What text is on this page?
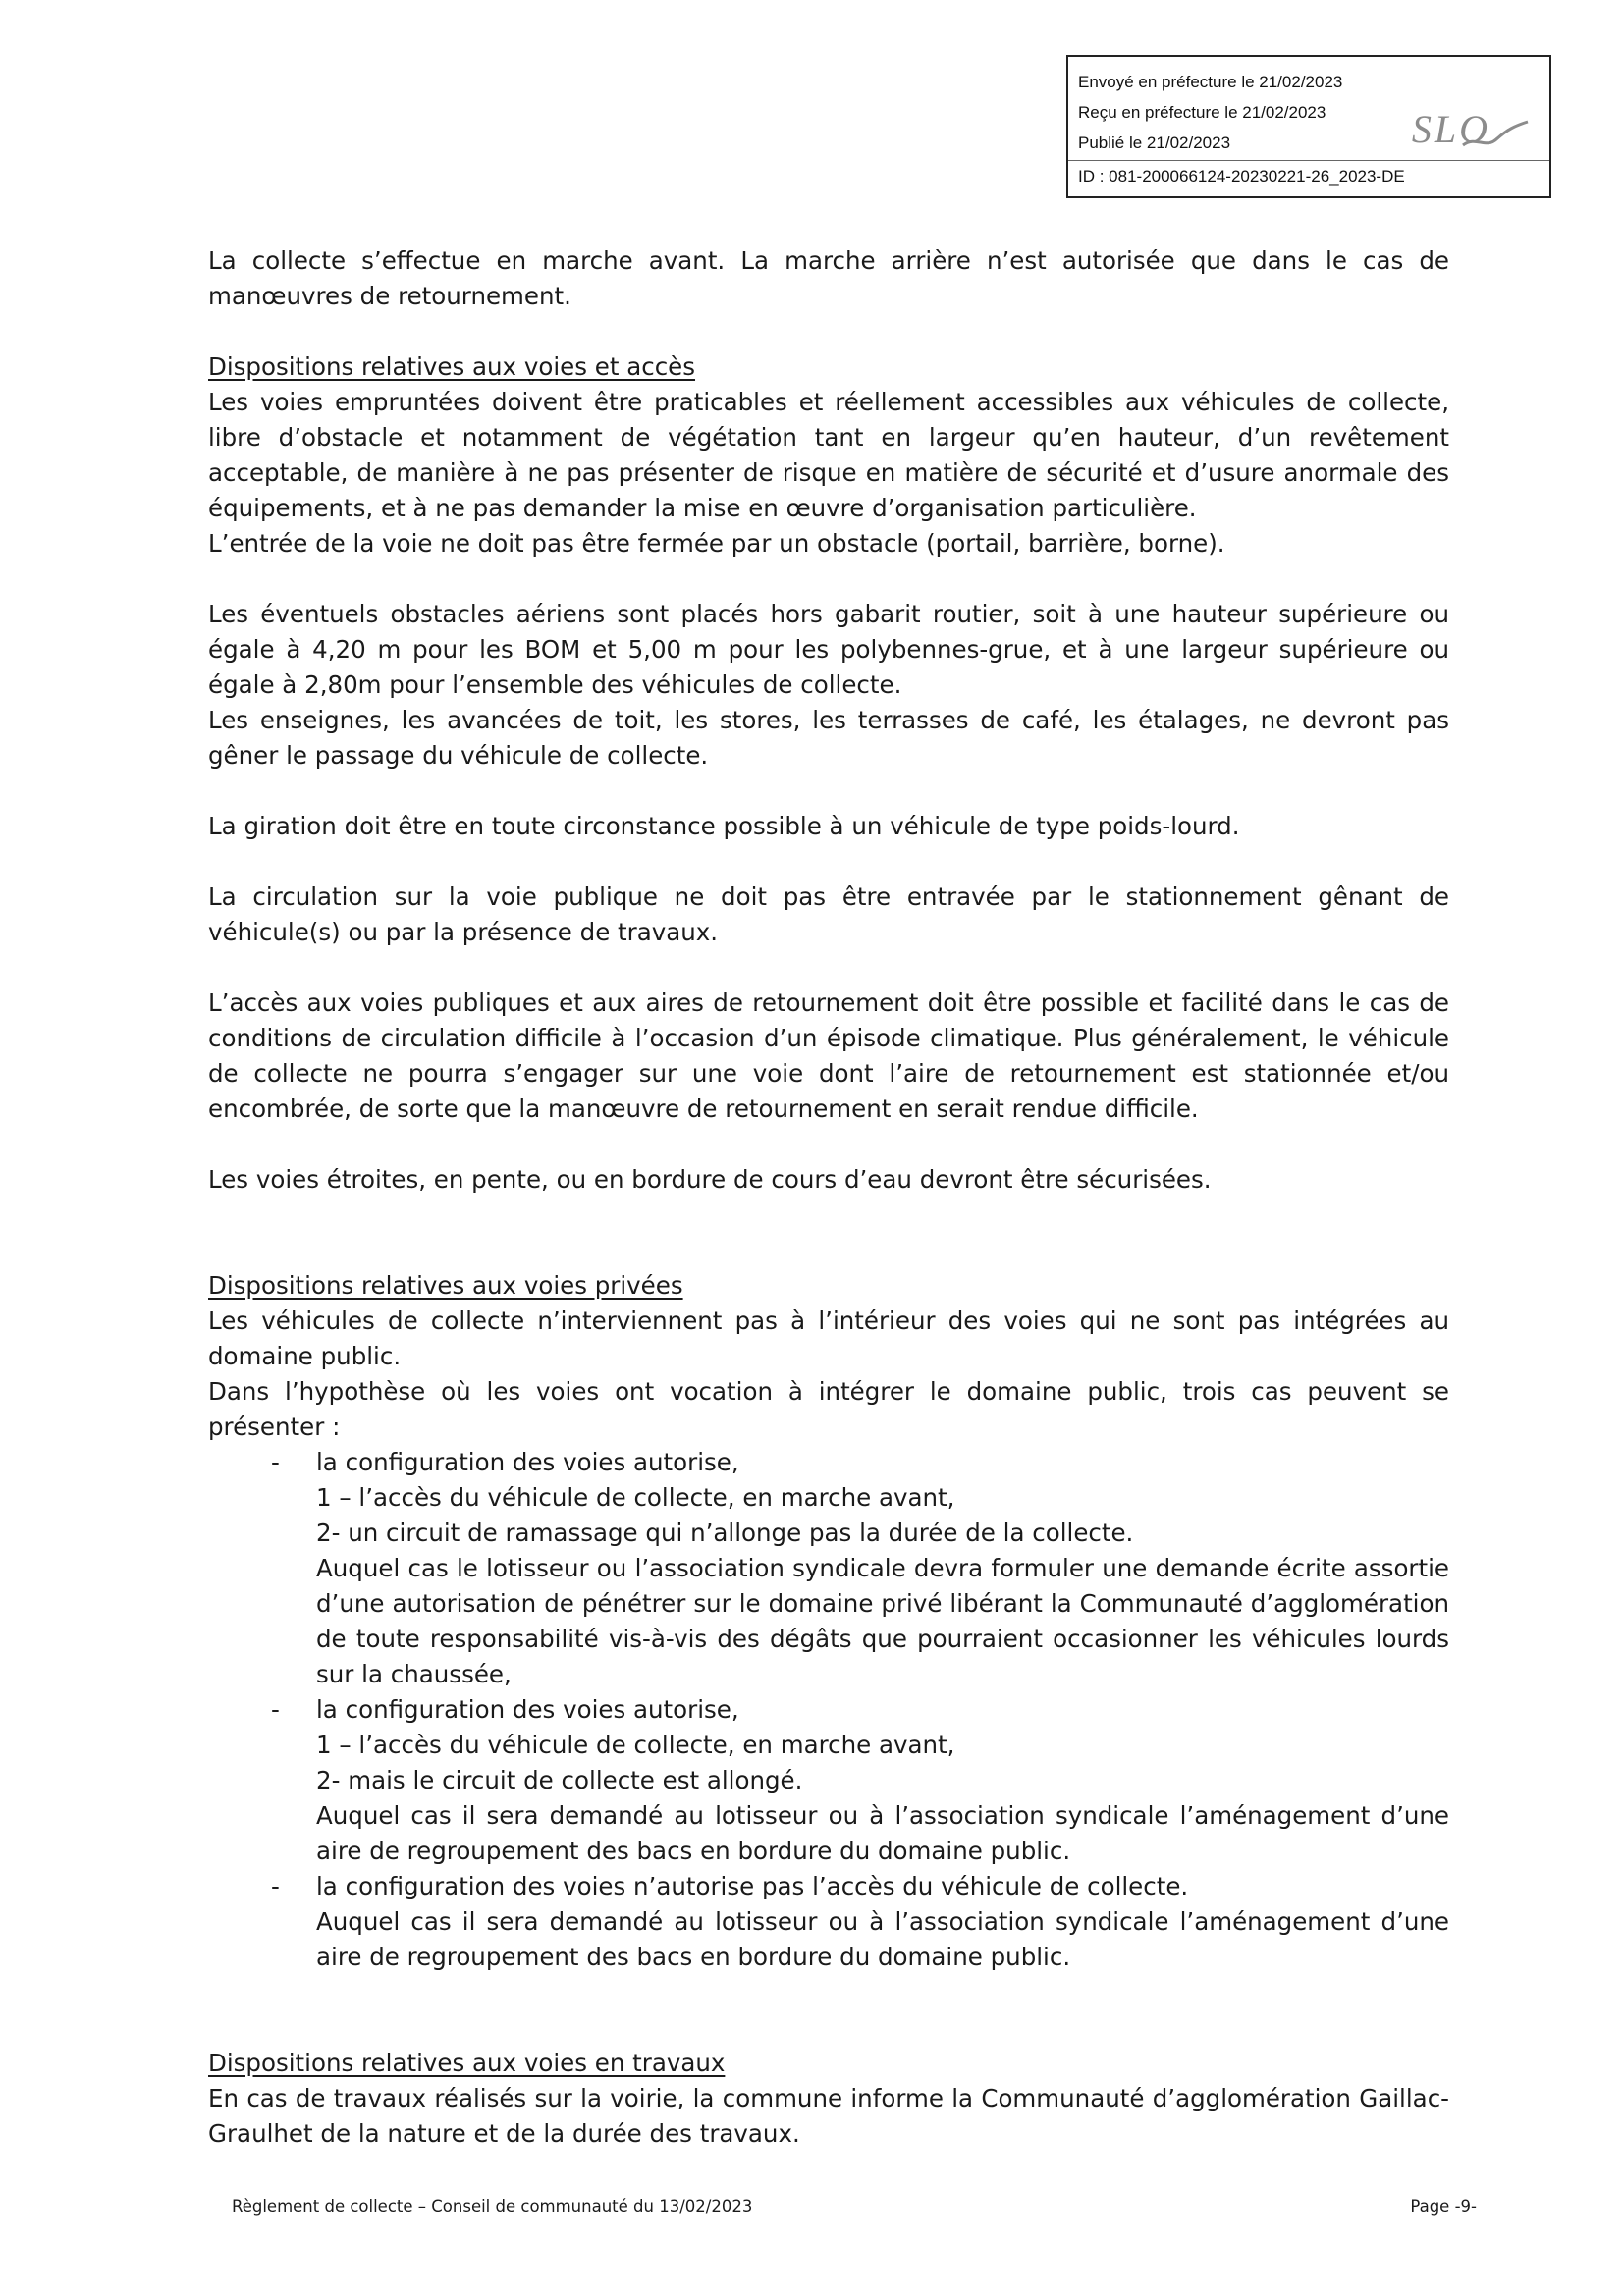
Envoyé en préfecture le 21/02/2023
Reçu en préfecture le 21/02/2023
Publié le 21/02/2023
ID : 081-200066124-20230221-26_2023-DE
SLO

La collecte s’effectue en marche avant. La marche arrière n’est autorisée que dans le cas de manœuvres de retournement.

Dispositions relatives aux voies et accès

Les voies empruntées doivent être praticables et réellement accessibles aux véhicules de collecte, libre d’obstacle et notamment de végétation tant en largeur qu’en hauteur, d’un revêtement acceptable, de manière à ne pas présenter de risque en matière de sécurité et d’usure anormale des équipements, et à ne pas demander la mise en œuvre d’organisation particulière.

L’entrée de la voie ne doit pas être fermée par un obstacle (portail, barrière, borne).

Les éventuels obstacles aériens sont placés hors gabarit routier, soit à une hauteur supérieure ou égale à 4,20 m pour les BOM et 5,00 m pour les polybennes-grue, et à une largeur supérieure ou égale à 2,80m pour l’ensemble des véhicules de collecte.

Les enseignes, les avancées de toit, les stores, les terrasses de café, les étalages, ne devront pas gêner le passage du véhicule de collecte.

La giration doit être en toute circonstance possible à un véhicule de type poids-lourd.

La circulation sur la voie publique ne doit pas être entravée par le stationnement gênant de véhicule(s) ou par la présence de travaux.

L’accès aux voies publiques et aux aires de retournement doit être possible et facilité dans le cas de conditions de circulation difficile à l’occasion d’un épisode climatique. Plus généralement, le véhicule de collecte ne pourra s’engager sur une voie dont l’aire de retournement est stationnée et/ou encombrée, de sorte que la manœuvre de retournement en serait rendue difficile.

Les voies étroites, en pente, ou en bordure de cours d’eau devront être sécurisées.

Dispositions relatives aux voies privées

Les véhicules de collecte n’interviennent pas à l’intérieur des voies qui ne sont pas intégrées au domaine public.

Dans l’hypothèse où les voies ont vocation à intégrer le domaine public, trois cas peuvent se présenter :

- la configuration des voies autorise,

1 – l’accès du véhicule de collecte, en marche avant,

2- un circuit de ramassage qui n’allonge pas la durée de la collecte.

Auquel cas le lotisseur ou l’association syndicale devra formuler une demande écrite assortie d’une autorisation de pénétrer sur le domaine privé libérant la Communauté d’agglomération de toute responsabilité vis-à-vis des dégâts que pourraient occasionner les véhicules lourds sur la chaussée,

- la configuration des voies autorise,

1 – l’accès du véhicule de collecte, en marche avant,

2- mais le circuit de collecte est allongé.

Auquel cas il sera demandé au lotisseur ou à l’association syndicale l’aménagement d’une aire de regroupement des bacs en bordure du domaine public.

- la configuration des voies n’autorise pas l’accès du véhicule de collecte.

Auquel cas il sera demandé au lotisseur ou à l’association syndicale l’aménagement d’une aire de regroupement des bacs en bordure du domaine public.

Dispositions relatives aux voies en travaux

En cas de travaux réalisés sur la voirie, la commune informe la Communauté d’agglomération Gaillac-Graulhet de la nature et de la durée des travaux.

Règlement de collecte – Conseil de communauté du 13/02/2023	Page -9-
